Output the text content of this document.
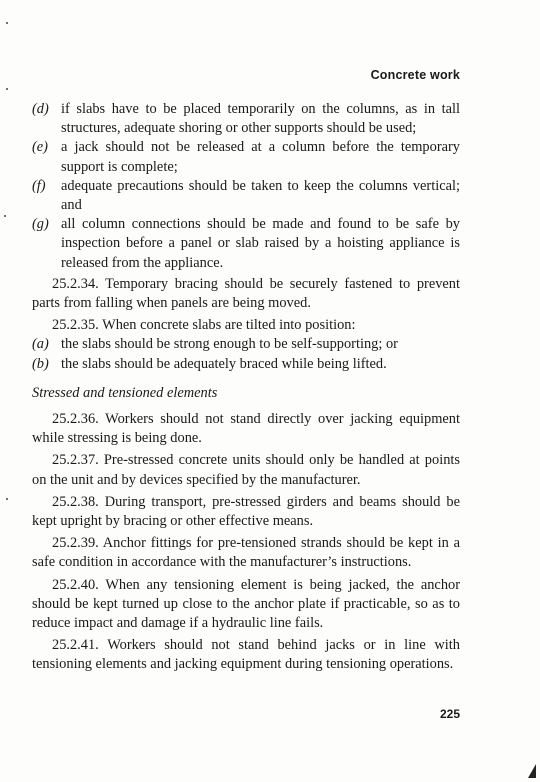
Concrete work
(d) if slabs have to be placed temporarily on the columns, as in tall structures, adequate shoring or other supports should be used;
(e) a jack should not be released at a column before the temporary support is complete;
(f)	adequate precautions should be taken to keep the columns vertical; and
(g) all column connections should be made and found to be safe by inspection before a panel or slab raised by a hoisting appliance is released from the appliance.

25.2.34. Temporary bracing should be securely fastened to prevent parts from falling when panels are being moved.

25.2.35. When concrete slabs are tilted into position:

(a) the slabs should be strong enough to be self-supporting; or
(b) the slabs should be adequately braced while being lifted.
Stressed and tensioned elements

25.2.36. Workers should not stand directly over jacking equipment while stressing is being done.

25.2.37. Pre-stressed concrete units should only be handled at points on the unit and by devices specified by the manufacturer.

25.2.38. During transport, pre-stressed girders and beams should be kept upright by bracing or other effective means.

25.2.39. Anchor fittings for pre-tensioned strands should be kept in a safe condition in accordance with the manufacturer’s instructions.

25.2.40. When any tensioning element is being jacked, the anchor should be kept turned up close to the anchor plate if practicable, so as to reduce impact and damage if a hydraulic line fails.

25.2.41. Workers should not stand behind jacks or in line with tensioning elements and jacking equipment during tensioning operations.

225
